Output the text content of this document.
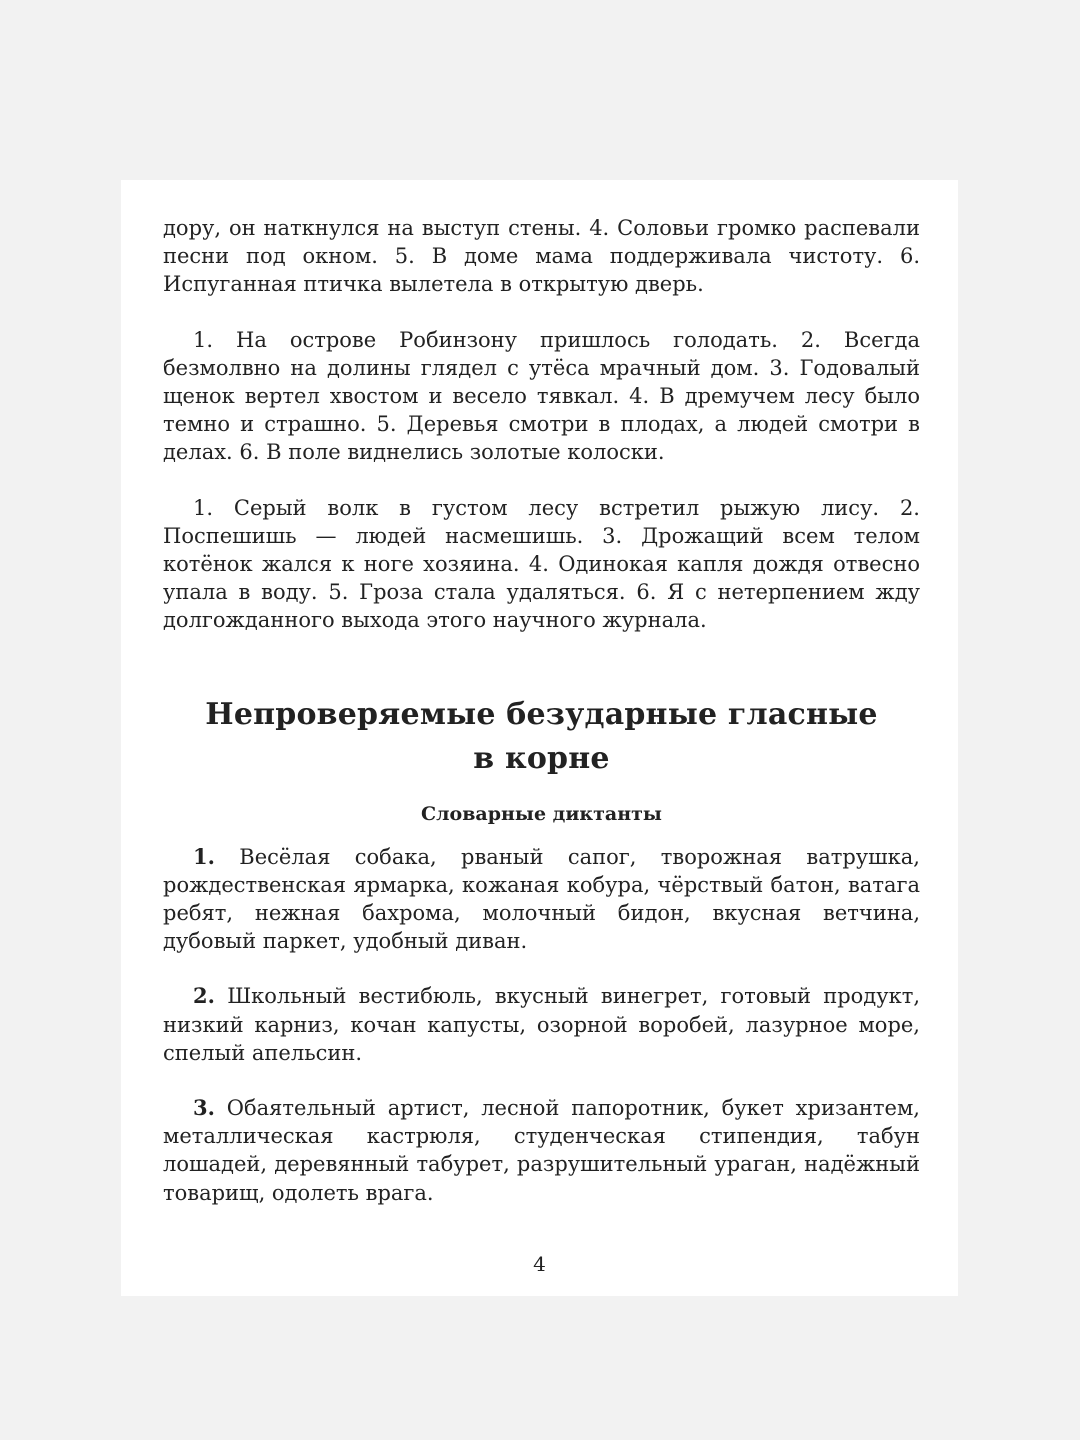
дору, он наткнулся на выступ стены. 4. Соловьи громко распевали песни под окном. 5. В доме мама поддерживала чистоту. 6. Испуганная птичка вылетела в открытую дверь.

1. На острове Робинзону пришлось голодать. 2. Всегда безмолвно на долины глядел с утёса мрачный дом. 3. Годовалый щенок вертел хвостом и весело тявкал. 4. В дремучем лесу было темно и страшно. 5. Деревья смотри в плодах, а людей смотри в делах. 6. В поле виднелись золотые колоски.

1. Серый волк в густом лесу встретил рыжую лису. 2. Поспешишь — людей насмешишь. 3. Дрожащий всем телом котёнок жался к ноге хозяина. 4. Одинокая капля дождя отвесно упала в воду. 5. Гроза стала удаляться. 6. Я с нетерпением жду долгожданного выхода этого научного журнала.

Непроверяемые безударные гласные

в корне

Словарные диктанты

1. Весёлая собака, рваный сапог, творожная ватрушка, рождественская ярмарка, кожаная кобура, чёрствый батон, ватага ребят, нежная бахрома, молочный бидон, вкусная ветчина, дубовый паркет, удобный диван.

2. Школьный вестибюль, вкусный винегрет, готовый продукт, низкий карниз, кочан капусты, озорной воробей, лазурное море, спелый апельсин.

3. Обаятельный артист, лесной папоротник, букет хризантем, металлическая кастрюля, студенческая стипендия, табун лошадей, деревянный табурет, разрушительный ураган, надёжный товарищ, одолеть врага.

4
